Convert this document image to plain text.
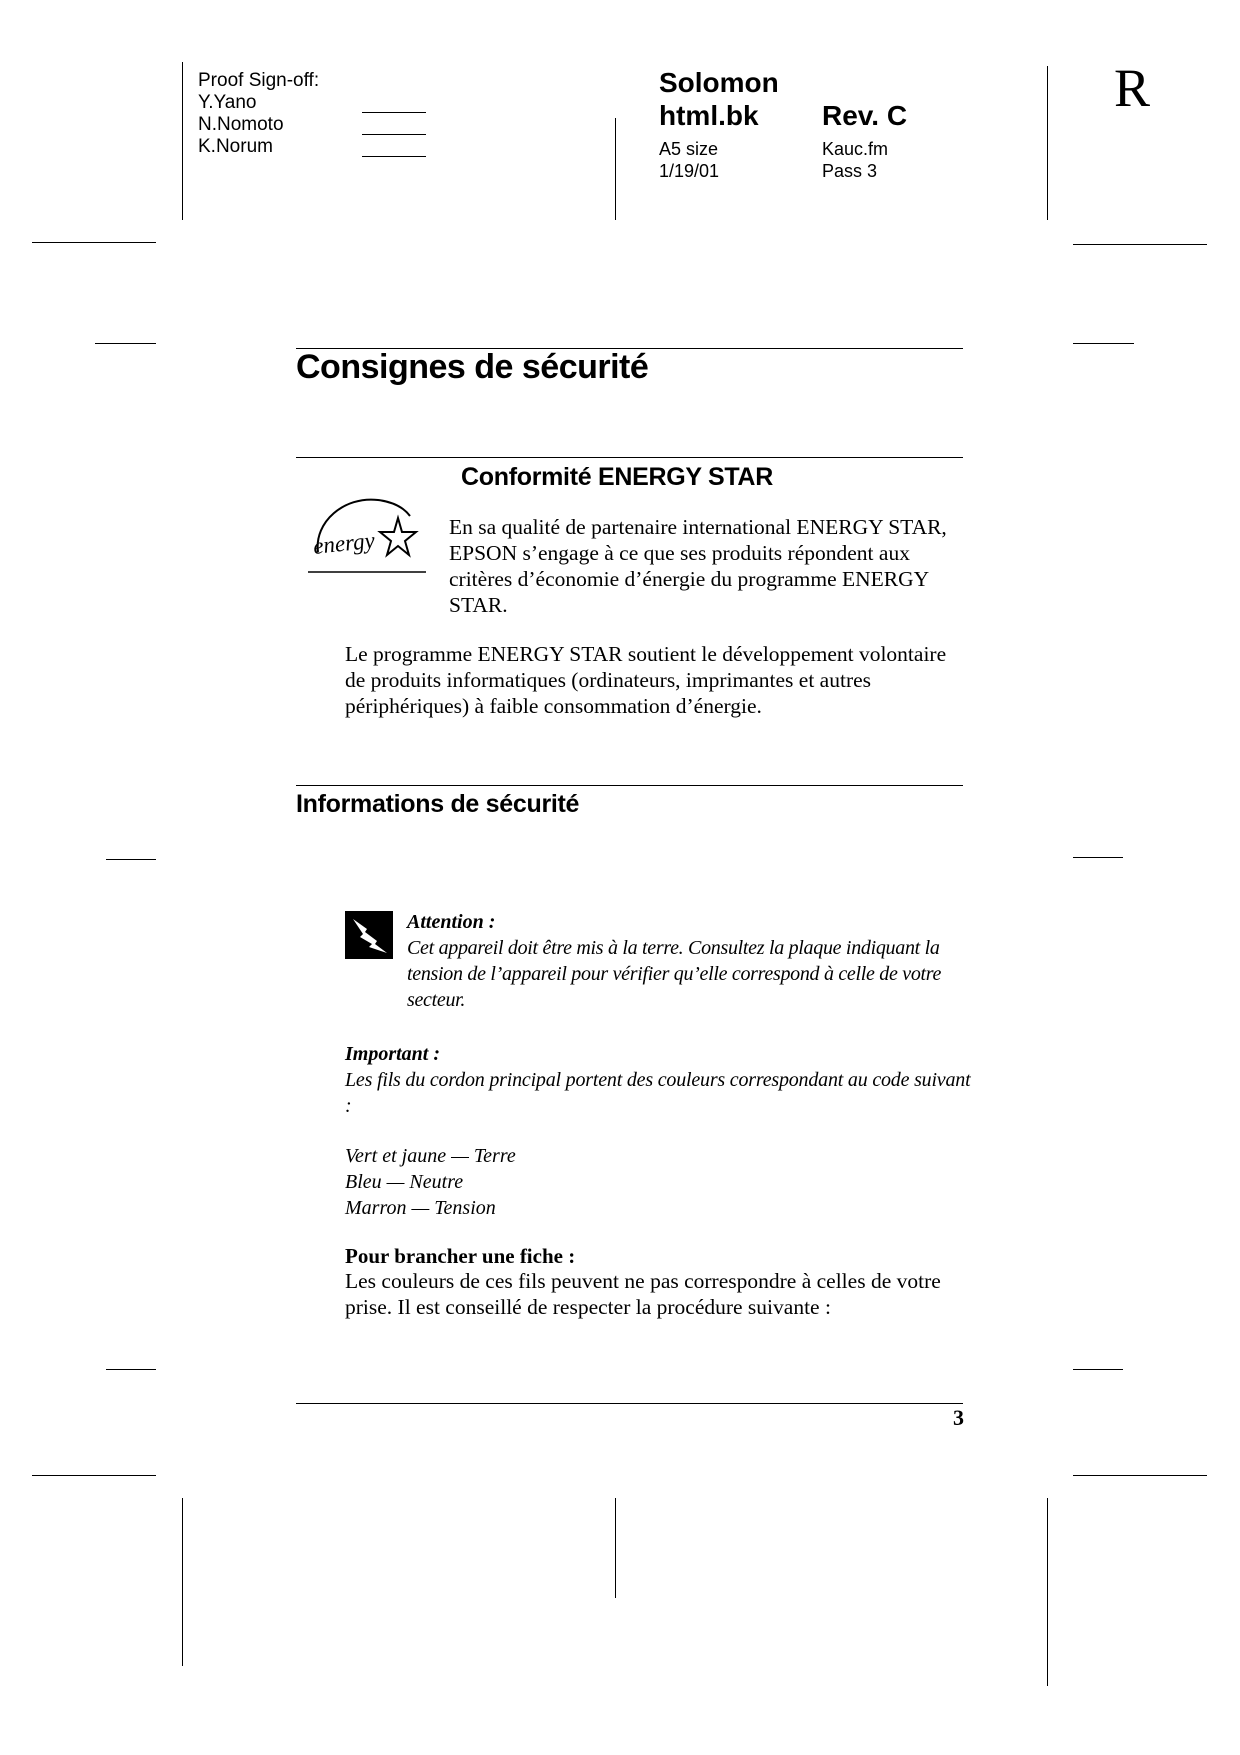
Proof Sign-off:
Y.Yano
N.Nomoto
K.Norum
Solomon
html.bk Rev. C
A5 size
1/19/01
Kauc.fm
Pass 3
R
Consignes de sécurité
Conformité ENERGY STAR
energy
En sa qualité de partenaire international ENERGY STAR, EPSON s’engage à ce que ses produits répondent aux critères d’économie d’énergie du programme ENERGY STAR.
Le programme ENERGY STAR soutient le développement volontaire de produits informatiques (ordinateurs, imprimantes et autres périphériques) à faible consommation d’énergie.
Informations de sécurité
Attention :
Cet appareil doit être mis à la terre. Consultez la plaque indiquant la tension de l’appareil pour vérifier qu’elle correspond à celle de votre secteur.
Important :
Les fils du cordon principal portent des couleurs correspondant au code suivant :
Vert et jaune — Terre
Bleu — Neutre
Marron — Tension
Pour brancher une fiche :
Les couleurs de ces fils peuvent ne pas correspondre à celles de votre prise. Il est conseillé de respecter la procédure suivante :
3
